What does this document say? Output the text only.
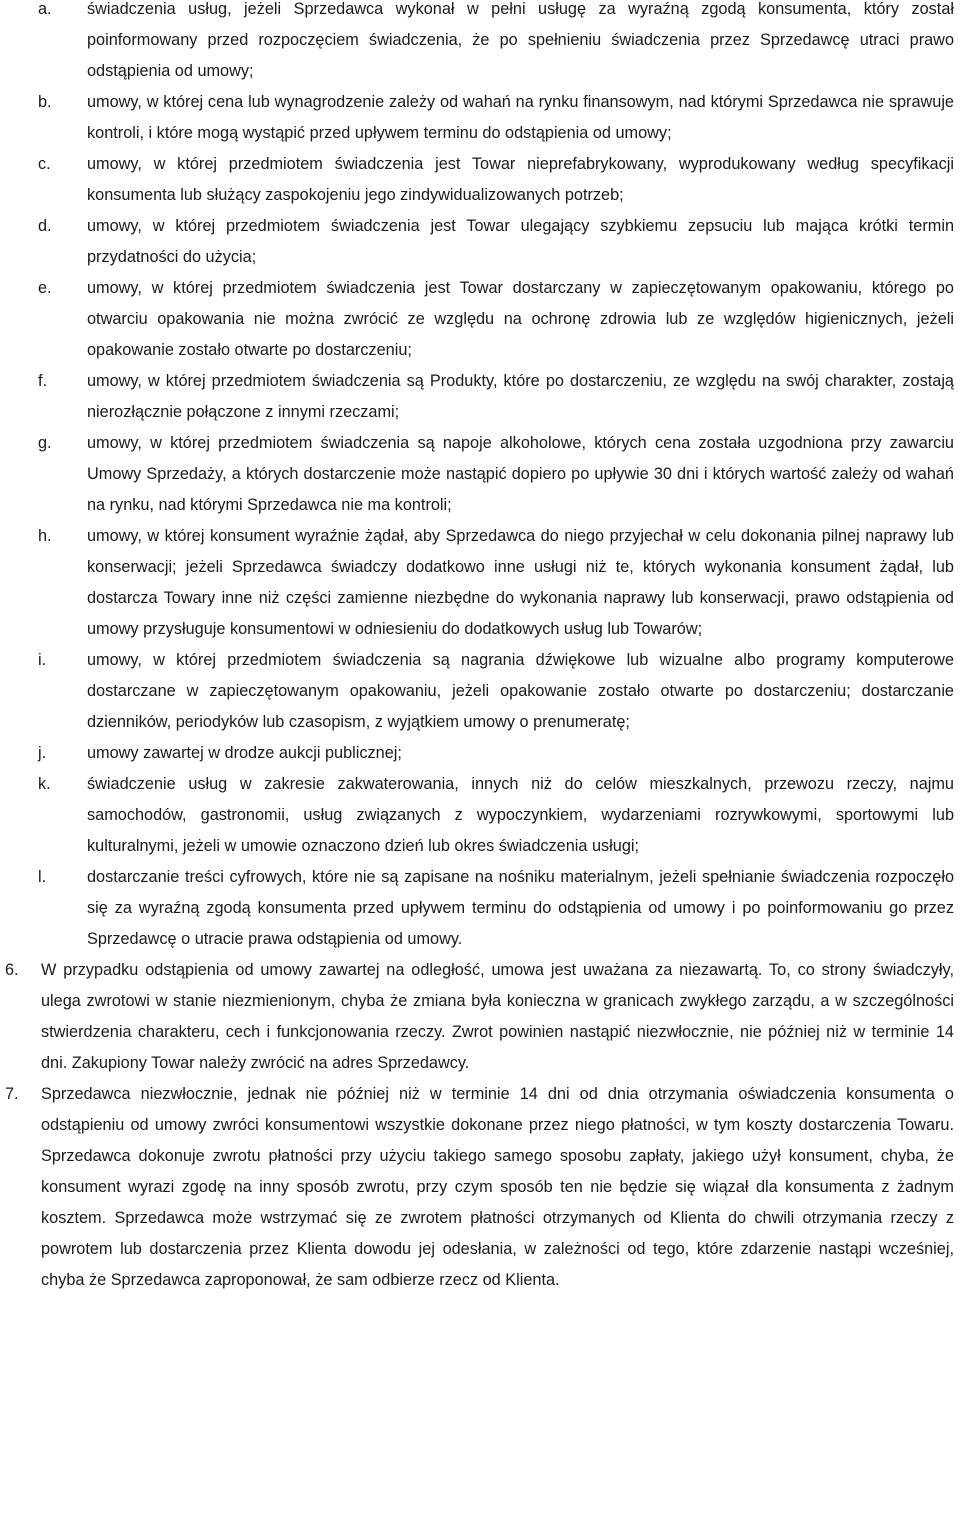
a. świadczenia usług, jeżeli Sprzedawca wykonał w pełni usługę za wyraźną zgodą konsumenta, który został poinformowany przed rozpoczęciem świadczenia, że po spełnieniu świadczenia przez Sprzedawcę utraci prawo odstąpienia od umowy;
b. umowy, w której cena lub wynagrodzenie zależy od wahań na rynku finansowym, nad którymi Sprzedawca nie sprawuje kontroli, i które mogą wystąpić przed upływem terminu do odstąpienia od umowy;
c. umowy, w której przedmiotem świadczenia jest Towar nieprefabrykowany, wyprodukowany według specyfikacji konsumenta lub służący zaspokojeniu jego zindywidualizowanych potrzeb;
d. umowy, w której przedmiotem świadczenia jest Towar ulegający szybkiemu zepsuciu lub mająca krótki termin przydatności do użycia;
e. umowy, w której przedmiotem świadczenia jest Towar dostarczany w zapieczętowanym opakowaniu, którego po otwarciu opakowania nie można zwrócić ze względu na ochronę zdrowia lub ze względów higienicznych, jeżeli opakowanie zostało otwarte po dostarczeniu;
f. umowy, w której przedmiotem świadczenia są Produkty, które po dostarczeniu, ze względu na swój charakter, zostają nierozłącznie połączone z innymi rzeczami;
g. umowy, w której przedmiotem świadczenia są napoje alkoholowe, których cena została uzgodniona przy zawarciu Umowy Sprzedaży, a których dostarczenie może nastąpić dopiero po upływie 30 dni i których wartość zależy od wahań na rynku, nad którymi Sprzedawca nie ma kontroli;
h. umowy, w której konsument wyraźnie żądał, aby Sprzedawca do niego przyjechał w celu dokonania pilnej naprawy lub konserwacji; jeżeli Sprzedawca świadczy dodatkowo inne usługi niż te, których wykonania konsument żądał, lub dostarcza Towary inne niż części zamienne niezbędne do wykonania naprawy lub konserwacji, prawo odstąpienia od umowy przysługuje konsumentowi w odniesieniu do dodatkowych usług lub Towarów;
i.	umowy, w której przedmiotem świadczenia są nagrania dźwiękowe lub wizualne albo programy komputerowe dostarczane w zapieczętowanym opakowaniu, jeżeli opakowanie zostało otwarte po dostarczeniu; dostarczanie dzienników, periodyków lub czasopism, z wyjątkiem umowy o prenumeratę;
j.	umowy zawartej w drodze aukcji publicznej;
k. świadczenie usług w zakresie zakwaterowania, innych niż do celów mieszkalnych, przewozu rzeczy, najmu samochodów, gastronomii, usług związanych z wypoczynkiem, wydarzeniami rozrywkowymi, sportowymi lub kulturalnymi, jeżeli w umowie oznaczono dzień lub okres świadczenia usługi;
l.	dostarczanie treści cyfrowych, które nie są zapisane na nośniku materialnym, jeżeli spełnianie świadczenia rozpoczęło się za wyraźną zgodą konsumenta przed upływem terminu do odstąpienia od umowy i po poinformowaniu go przez Sprzedawcę o utracie prawa odstąpienia od umowy.
6. W przypadku odstąpienia od umowy zawartej na odległość, umowa jest uważana za niezawartą. To, co strony świadczyły, ulega zwrotowi w stanie niezmienionym, chyba że zmiana była konieczna w granicach zwykłego zarządu, a w szczególności stwierdzenia charakteru, cech i funkcjonowania rzeczy. Zwrot powinien nastąpić niezwłocznie, nie później niż w terminie 14 dni. Zakupiony Towar należy zwrócić na adres Sprzedawcy.
7. Sprzedawca niezwłocznie, jednak nie później niż w terminie 14 dni od dnia otrzymania oświadczenia konsumenta o odstąpieniu od umowy zwróci konsumentowi wszystkie dokonane przez niego płatności, w tym koszty dostarczenia Towaru. Sprzedawca dokonuje zwrotu płatności przy użyciu takiego samego sposobu zapłaty, jakiego użył konsument, chyba, że konsument wyrazi zgodę na inny sposób zwrotu, przy czym sposób ten nie będzie się wiązał dla konsumenta z żadnym kosztem. Sprzedawca może wstrzymać się ze zwrotem płatności otrzymanych od Klienta do chwili otrzymania rzeczy z powrotem lub dostarczenia przez Klienta dowodu jej odesłania, w zależności od tego, które zdarzenie nastąpi wcześniej, chyba że Sprzedawca zaproponował, że sam odbierze rzecz od Klienta.
